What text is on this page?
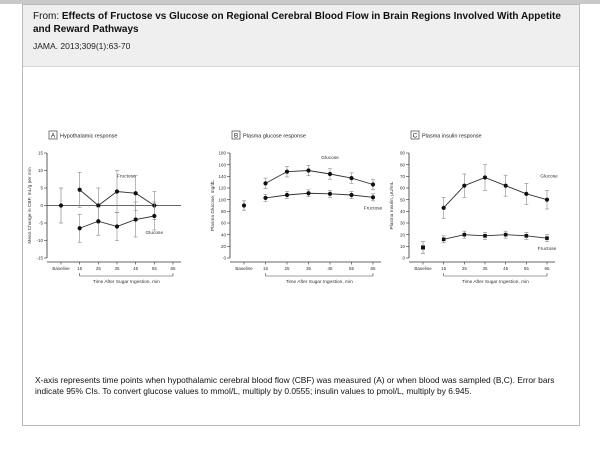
From: Effects of Fructose vs Glucose on Regional Cerebral Blood Flow in Brain Regions Involved With Appetite and Reward Pathways

JAMA. 2013;309(1):63-70
A Hypothalamic response
-15
-10
-5
0
5
10
15
Mean Change in CBF, mL/g per min
Baseline 15	25	35	45	55	65
Time After Sugar Ingestion, min
Fructose
Glucose
B Plasma glucose response
0
20
40
60
80
100
120
140
160
180
Plasma Glucose, mg/dL
Baseline 15	25	35	45	55	65
Time After Sugar Ingestion, min
Glucose
Fructose
C Plasma insulin response
0
10
20
30
40
50
60
70
80
90
Plasma Insulin, µU/mL
Baseline 15	25	35	45	55	65
Time After Sugar Ingestion, min
Glucose
Fructose
X-axis represents time points when hypothalamic cerebral blood flow (CBF) was measured (A) or when blood was sampled (B,C). Error bars indicate 95% CIs. To convert glucose values to mmol/L, multiply by 0.0555; insulin values to pmol/L, multiply by 6.945.
